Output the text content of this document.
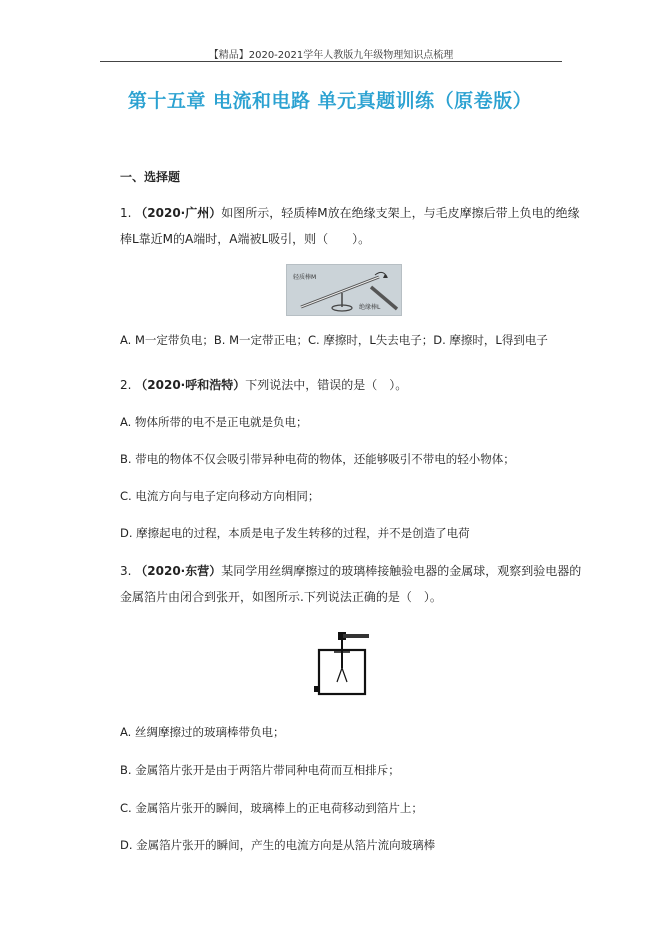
【精品】2020-2021学年人教版九年级物理知识点梳理
第十五章 电流和电路 单元真题训练（原卷版）
一、选择题
1. （2020·广州）如图所示，轻质棒M放在绝缘支架上，与毛皮摩擦后带上负电的绝缘
棒L靠近M的A端时，A端被L吸引，则（　　）。
轻质棒M
绝缘棒L
A. M一定带负电；B. M一定带正电；C. 摩擦时，L失去电子；D. 摩擦时，L得到电子
2. （2020·呼和浩特）下列说法中，错误的是（　）。
A. 物体所带的电不是正电就是负电；
B. 带电的物体不仅会吸引带异种电荷的物体，还能够吸引不带电的轻小物体；
C. 电流方向与电子定向移动方向相同；
D. 摩擦起电的过程，本质是电子发生转移的过程，并不是创造了电荷
3. （2020·东营）某同学用丝绸摩擦过的玻璃棒接触验电器的金属球，观察到验电器的
金属箔片由闭合到张开，如图所示.下列说法正确的是（　）。
A. 丝绸摩擦过的玻璃棒带负电；
B. 金属箔片张开是由于两箔片带同种电荷而互相排斥；
C. 金属箔片张开的瞬间，玻璃棒上的正电荷移动到箔片上；
D. 金属箔片张开的瞬间，产生的电流方向是从箔片流向玻璃棒
